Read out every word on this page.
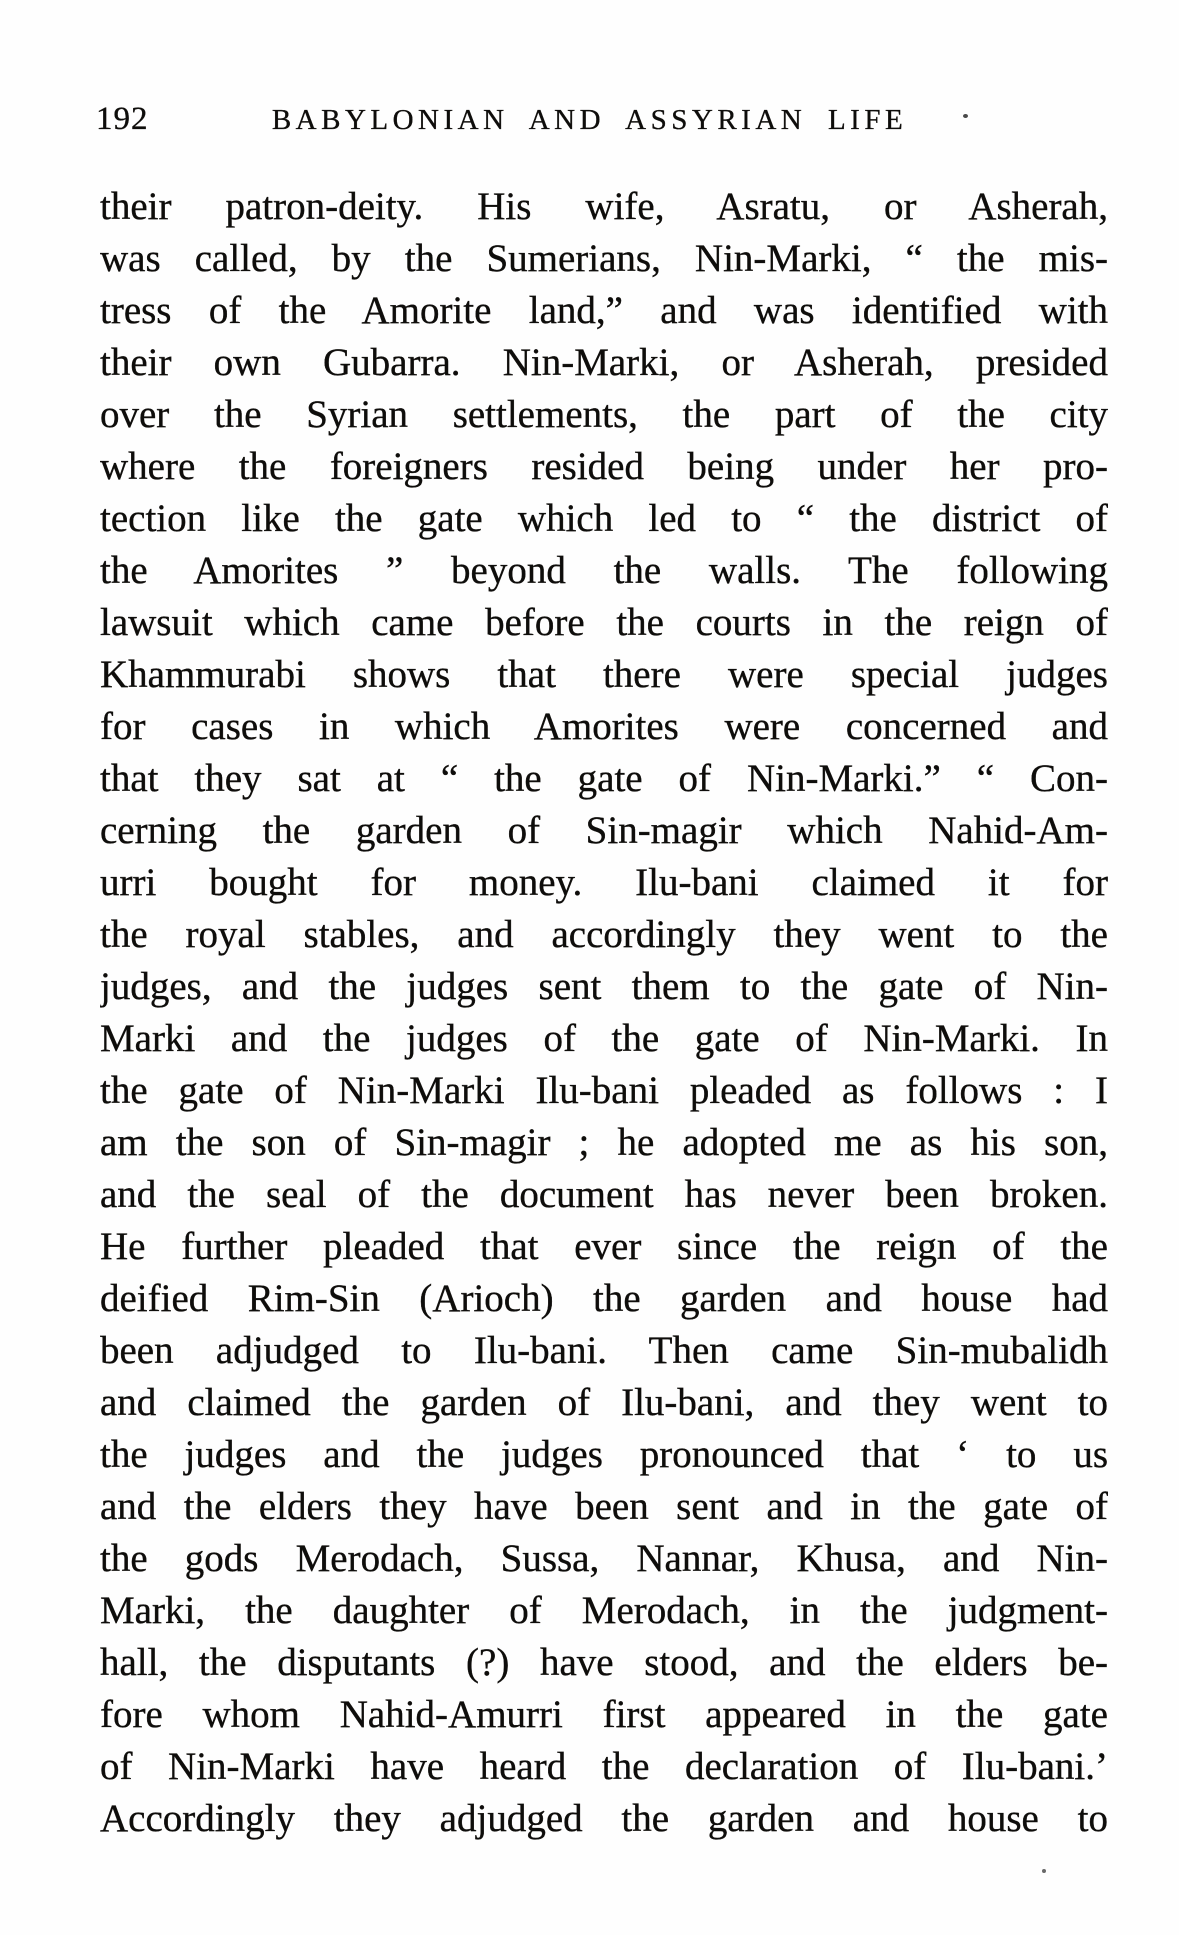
192	BABYLONIAN AND ASSYRIAN LIFE
their patron-deity. His wife, Asratu, or Asherah,
was called, by the Sumerians, Nin-Marki, “ the mis-
tress of the Amorite land,” and was identified with
their own Gubarra. Nin-Marki, or Asherah, presided
over the Syrian settlements, the part of the city
where the foreigners resided being under her pro-
tection like the gate which led to “ the district of
the Amorites ” beyond the walls. The following
lawsuit which came before the courts in the reign of
Khammurabi shows that there were special judges
for cases in which Amorites were concerned and
that they sat at “ the gate of Nin-Marki.” “ Con-
cerning the garden of Sin-magir which Nahid-Am-
urri bought for money. Ilu-bani claimed it for
the royal stables, and accordingly they went to the
judges, and the judges sent them to the gate of Nin-
Marki and the judges of the gate of Nin-Marki. In
the gate of Nin-Marki Ilu-bani pleaded as follows : I
am the son of Sin-magir ; he adopted me as his son,
and the seal of the document has never been broken.
He further pleaded that ever since the reign of the
deified Rim-Sin (Arioch) the garden and house had
been adjudged to Ilu-bani. Then came Sin-mubalidh
and claimed the garden of Ilu-bani, and they went to
the judges and the judges pronounced that ‘ to us
and the elders they have been sent and in the gate of
the gods Merodach, Sussa, Nannar, Khusa, and Nin-
Marki, the daughter of Merodach, in the judgment-
hall, the disputants (?) have stood, and the elders be-
fore whom Nahid-Amurri first appeared in the gate
of Nin-Marki have heard the declaration of Ilu-bani.’
Accordingly they adjudged the garden and house to
